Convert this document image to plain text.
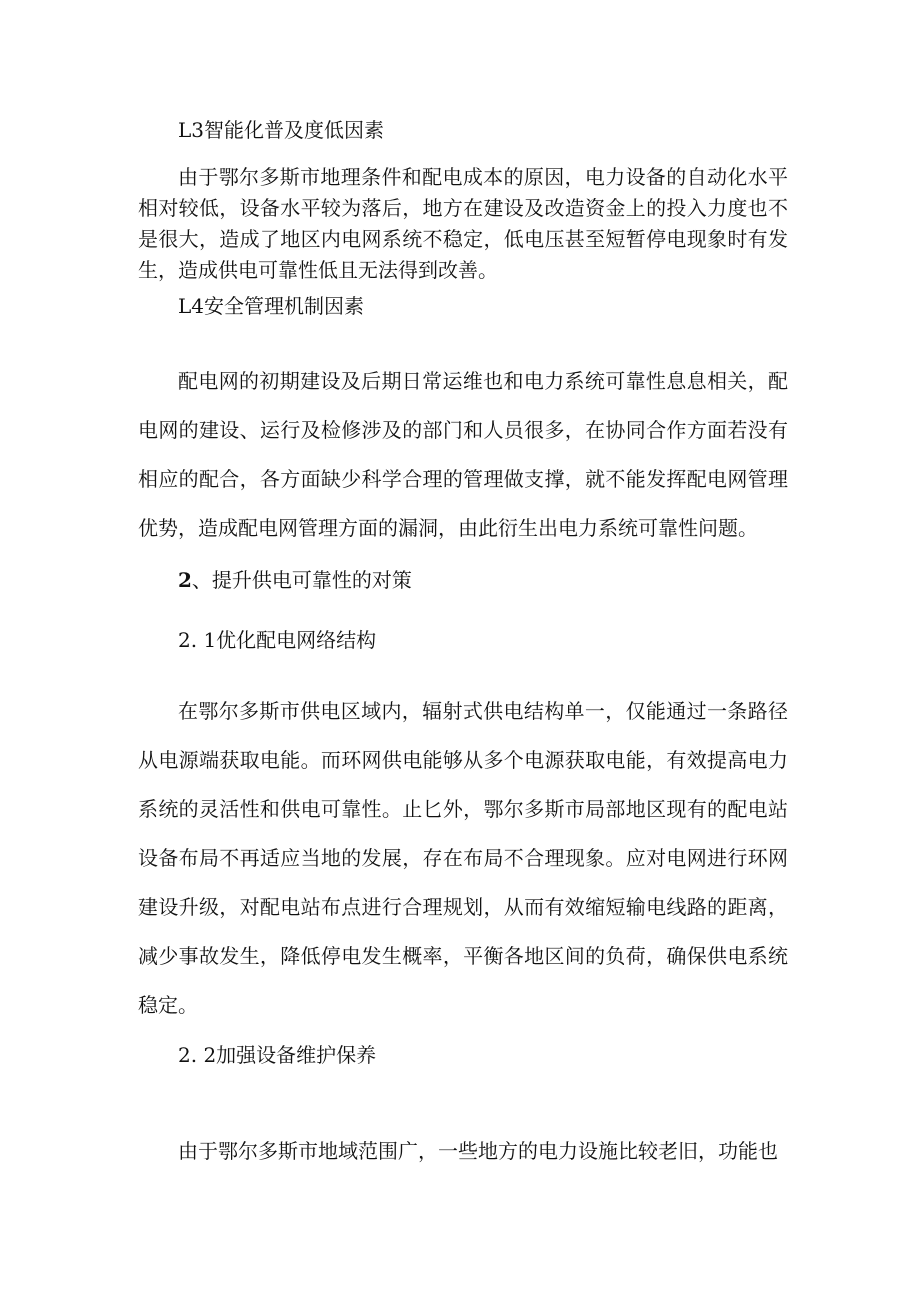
L3智能化普及度低因素
由于鄂尔多斯市地理条件和配电成本的原因，电力设备的自动化水平相对较低，设备水平较为落后，地方在建设及改造资金上的投入力度也不是很大，造成了地区内电网系统不稳定，低电压甚至短暂停电现象时有发生，造成供电可靠性低且无法得到改善。
L4安全管理机制因素
配电网的初期建设及后期日常运维也和电力系统可靠性息息相关，配电网的建设、运行及检修涉及的部门和人员很多，在协同合作方面若没有相应的配合，各方面缺少科学合理的管理做支撑，就不能发挥配电网管理优势，造成配电网管理方面的漏洞，由此衍生出电力系统可靠性问题。
2、提升供电可靠性的对策
2. 1优化配电网络结构
在鄂尔多斯市供电区域内，辐射式供电结构单一，仅能通过一条路径从电源端获取电能。而环网供电能够从多个电源获取电能，有效提高电力系统的灵活性和供电可靠性。止匕外，鄂尔多斯市局部地区现有的配电站设备布局不再适应当地的发展，存在布局不合理现象。应对电网进行环网建设升级，对配电站布点进行合理规划，从而有效缩短输电线路的距离，减少事故发生，降低停电发生概率，平衡各地区间的负荷，确保供电系统稳定。
2. 2加强设备维护保养
由于鄂尔多斯市地域范围广，一些地方的电力设施比较老旧，功能也
